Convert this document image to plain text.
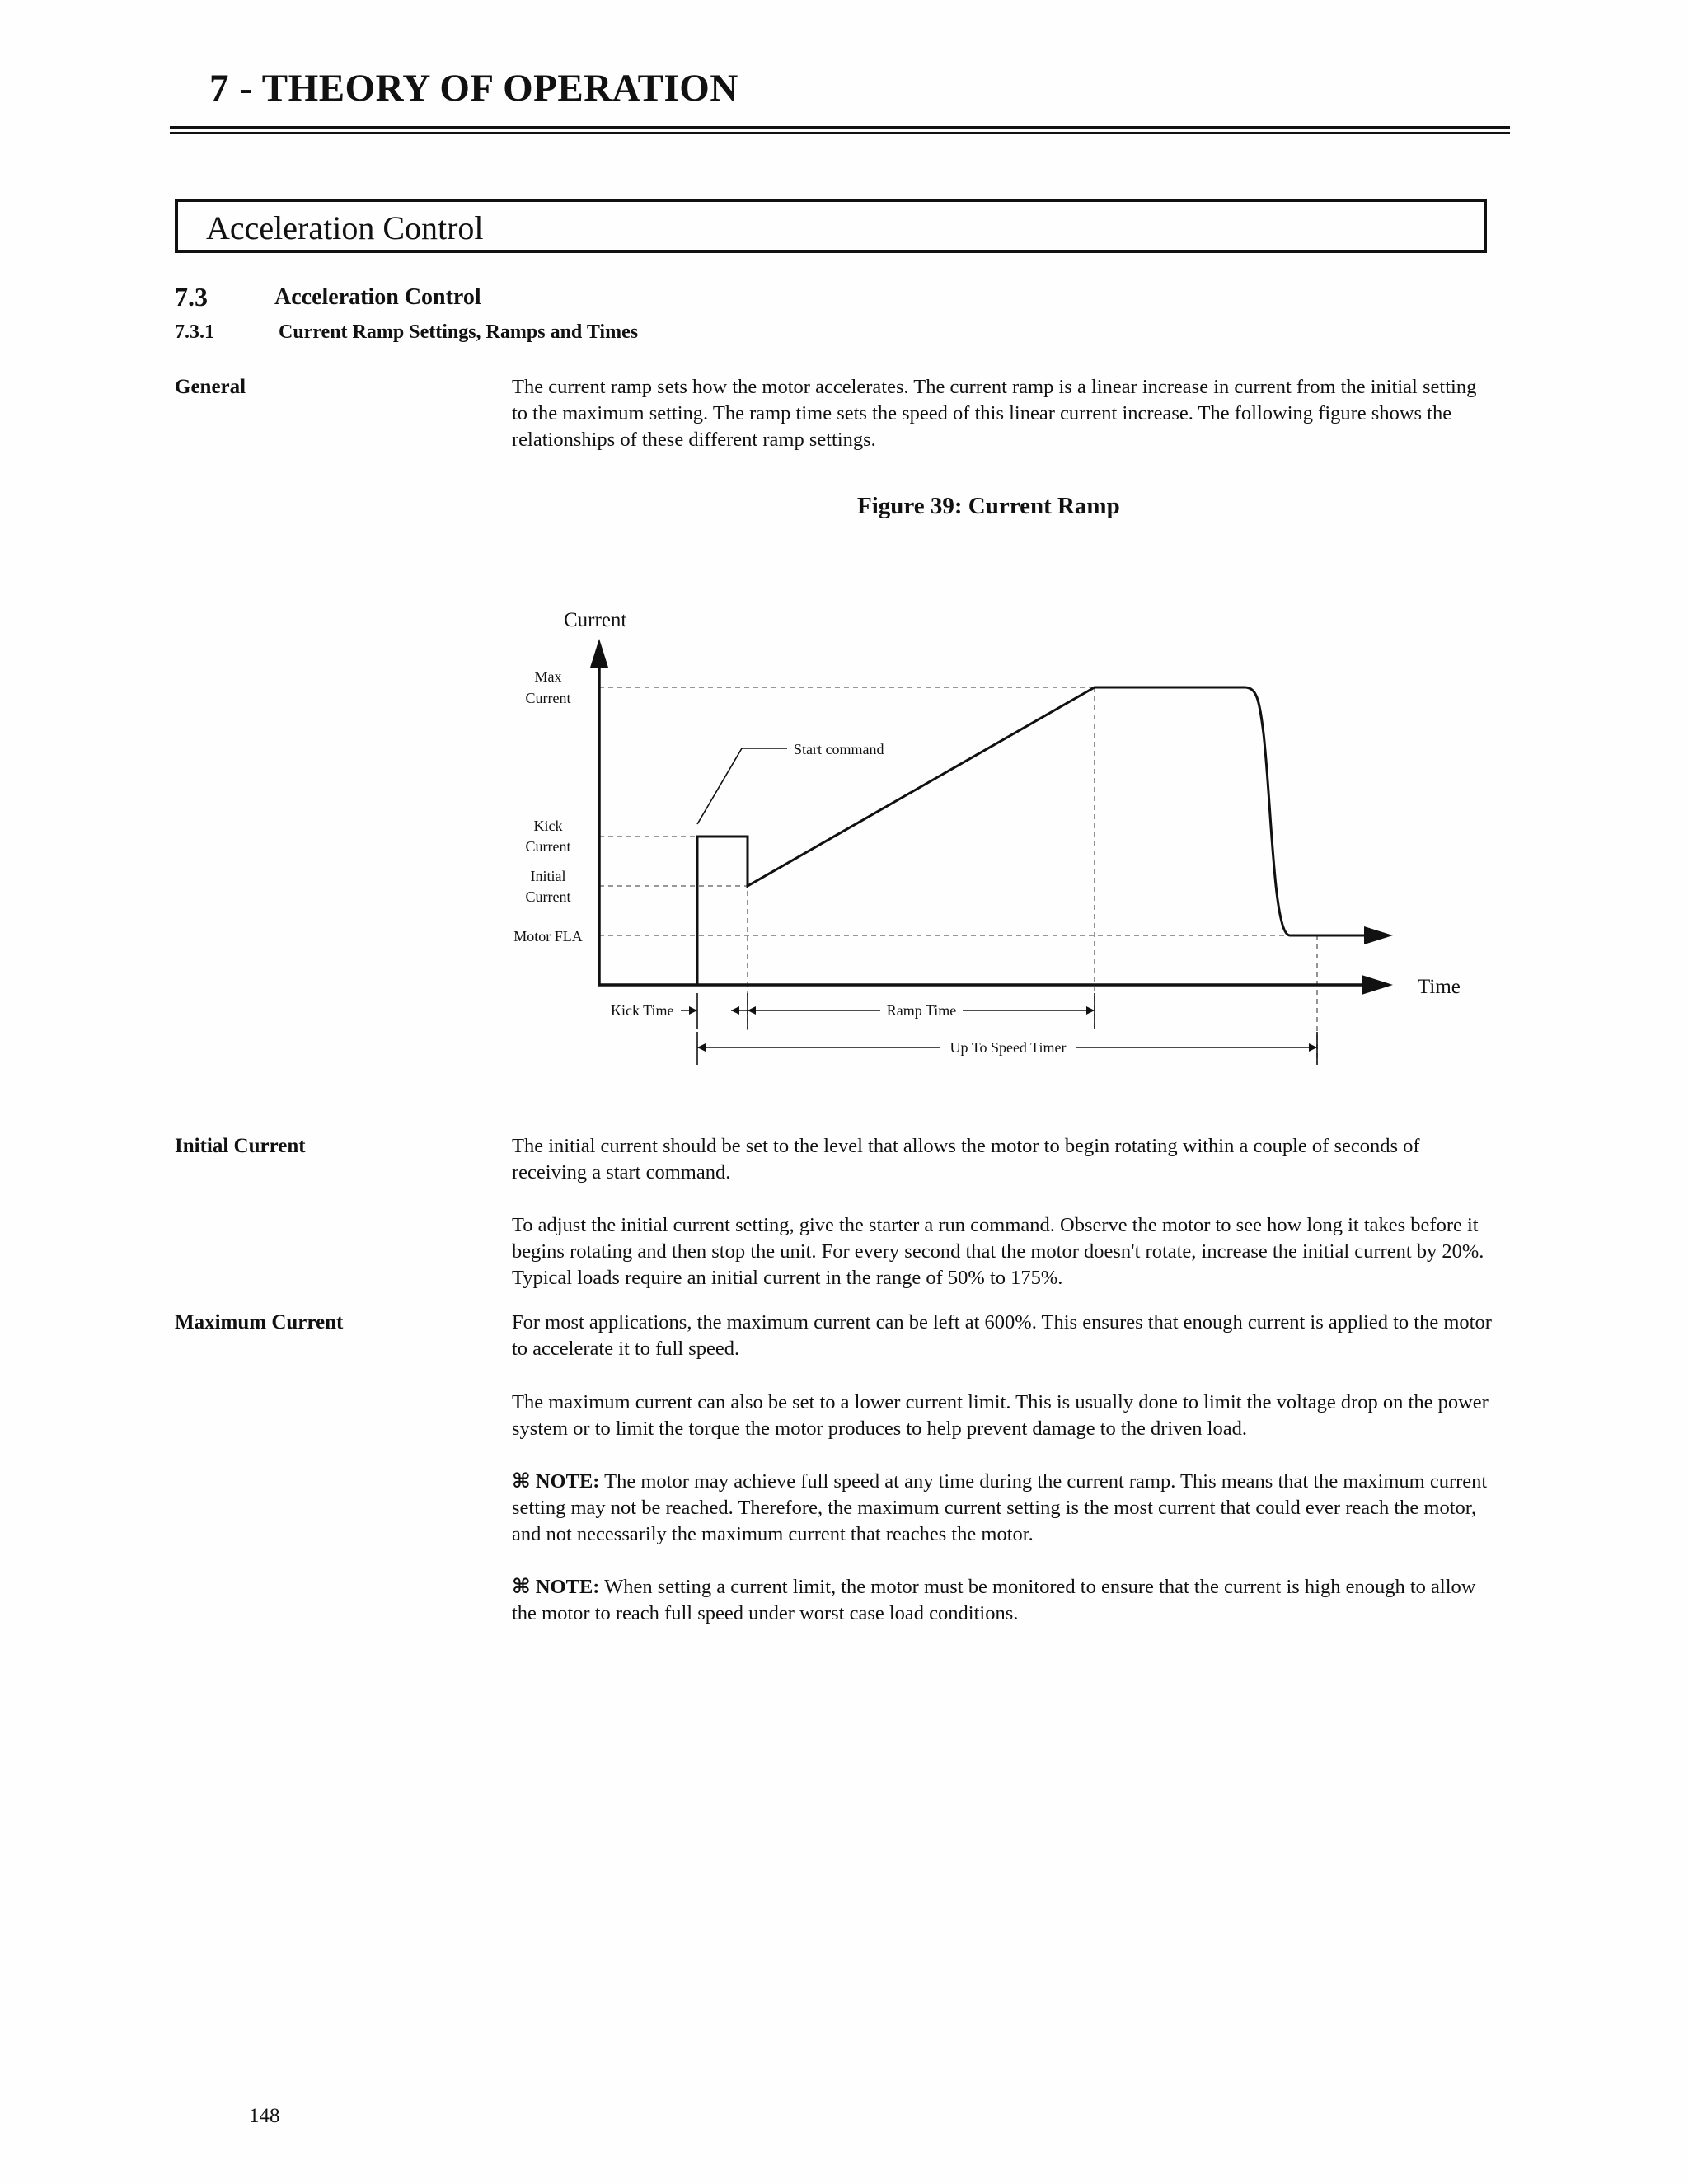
7 - THEORY OF OPERATION
Acceleration Control
7.3	Acceleration Control
7.3.1	Current Ramp Settings, Ramps and Times
General	The current ramp sets how the motor accelerates. The current ramp is a linear increase in current from the initial setting to the maximum setting. The ramp time sets the speed of this linear current increase. The following figure shows the relationships of these different ramp settings.
Figure 39: Current Ramp
Start command
Current
Time
Max
Current
Kick
Current
Initial
Current
Motor FLA
Kick Time	Ramp Time
Up To Speed Timer
Initial Current	The initial current should be set to the level that allows the motor to begin rotating within a couple of seconds of receiving a start command.
To adjust the initial current setting, give the starter a run command. Observe the motor to see how long it takes before it begins rotating and then stop the unit. For every second that the motor doesn't rotate, increase the initial current by 20%. Typical loads require an initial current in the range of 50% to 175%.
Maximum Current	For most applications, the maximum current can be left at 600%. This ensures that enough current is applied to the motor to accelerate it to full speed.
The maximum current can also be set to a lower current limit. This is usually done to limit the voltage drop on the power system or to limit the torque the motor produces to help prevent damage to the driven load.
⌘ NOTE: The motor may achieve full speed at any time during the current ramp. This means that the maximum current setting may not be reached. Therefore, the maximum current setting is the most current that could ever reach the motor, and not necessarily the maximum current that reaches the motor.
⌘ NOTE: When setting a current limit, the motor must be monitored to ensure that the current is high enough to allow the motor to reach full speed under worst case load conditions.
148
